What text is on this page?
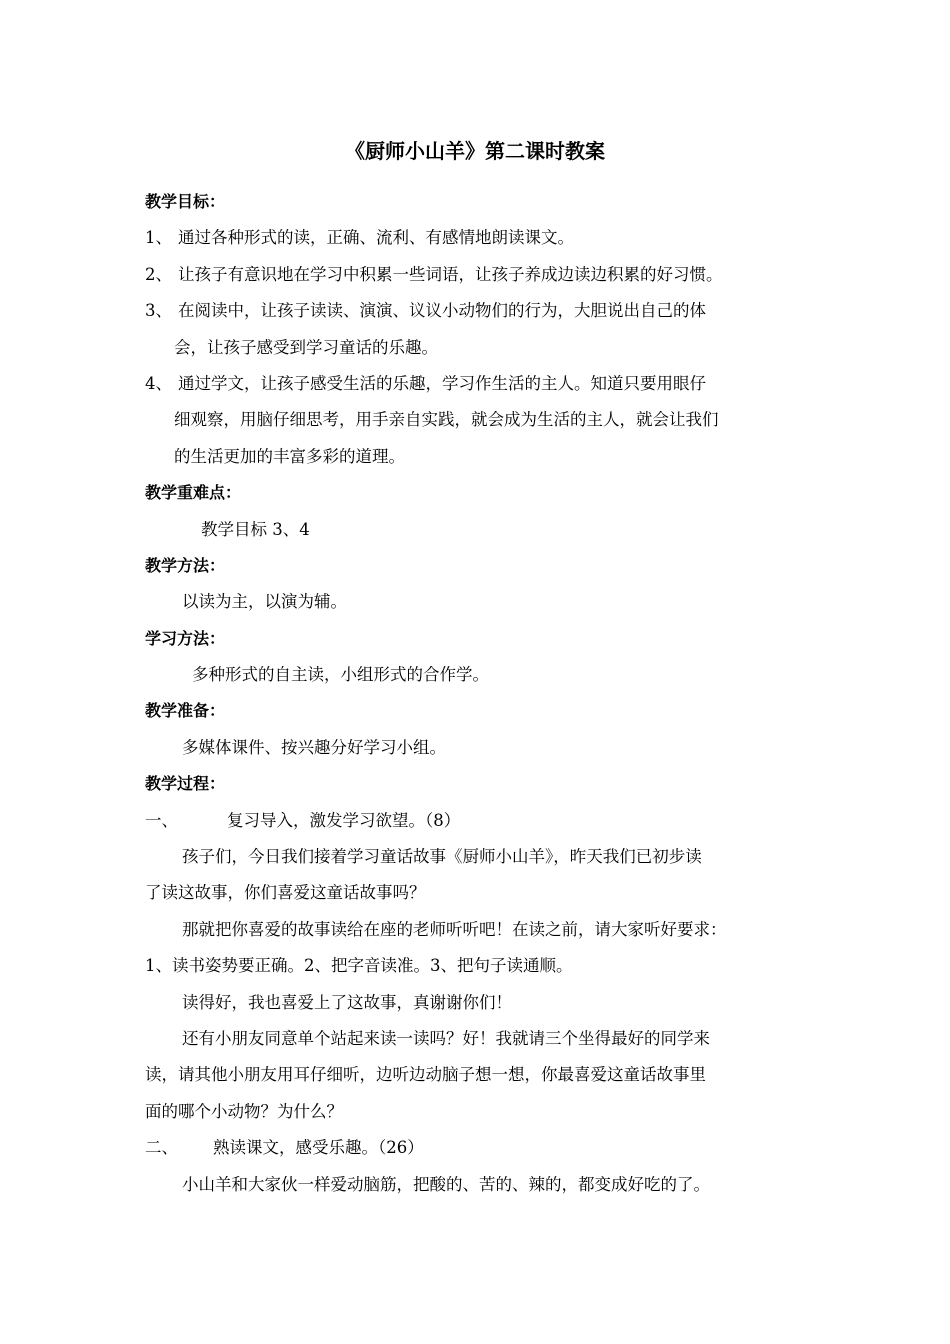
《厨师小山羊》第二课时教案
教学目标：
1、 通过各种形式的读，正确、流利、有感情地朗读课文。
2、 让孩子有意识地在学习中积累一些词语，让孩子养成边读边积累的好习惯。
3、 在阅读中，让孩子读读、演演、议议小动物们的行为，大胆说出自己的体
会，让孩子感受到学习童话的乐趣。
4、 通过学文，让孩子感受生活的乐趣，学习作生活的主人。知道只要用眼仔
细观察，用脑仔细思考，用手亲自实践，就会成为生活的主人，就会让我们
的生活更加的丰富多彩的道理。
教学重难点：
教学目标 3、4
教学方法：
以读为主，以演为辅。
学习方法：
多种形式的自主读，小组形式的合作学。
教学准备：
多媒体课件、按兴趣分好学习小组。
教学过程：
一、	复习导入，激发学习欲望。（8）
孩子们，今日我们接着学习童话故事《厨师小山羊》，昨天我们已初步读
了读这故事，你们喜爱这童话故事吗？
那就把你喜爱的故事读给在座的老师听听吧！在读之前，请大家听好要求：
1、读书姿势要正确。2、把字音读准。3、把句子读通顺。
读得好，我也喜爱上了这故事，真谢谢你们！
还有小朋友同意单个站起来读一读吗？好！我就请三个坐得最好的同学来
读，请其他小朋友用耳仔细听，边听边动脑子想一想，你最喜爱这童话故事里
面的哪个小动物？为什么？
二、 熟读课文，感受乐趣。（26）
小山羊和大家伙一样爱动脑筋，把酸的、苦的、辣的，都变成好吃的了。
